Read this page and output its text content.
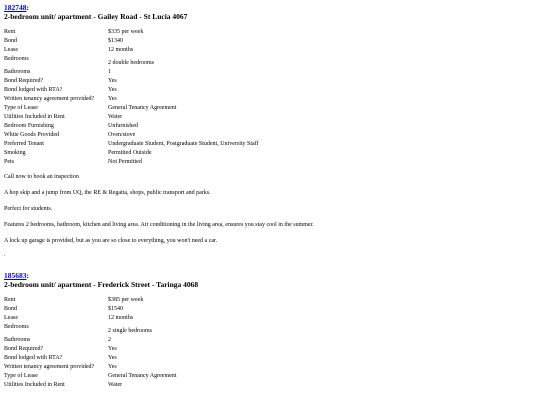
182748:
2-bedroom unit/ apartment - Gailey Road - St Lucia 4067
Rent	$335 per week
Bond	$1340
Lease	12 months
Bedrooms	2 double bedrooms
Bathrooms	1
Bond Required?	Yes
Bond lodged with RTA?	Yes
Written tenancy agreement provided?	Yes
Type of Lease	General Tenancy Agreement
Utilities Included in Rent	Water
Bedroom Furnishing	Unfurnished
White Goods Provided	Oven/stove
Preferred Tenant	Undergraduate Student, Postgraduate Student, University Staff
Smoking	Permitted Outside
Pets	Not Permitted

Call now to book an inspection

A hop skip and a jump from UQ, the RE & Regatta, shops, public transport and parks.

Perfect for students.

Features 2 bedrooms, bathroom, kitchen and living area. Air conditioning in the living area, ensures you stay cool in the summer.

A lock up garage is provided, but as you are so close to everything, you won't need a car.

.
185683:
2-bedroom unit/ apartment - Frederick Street - Taringa 4068
Rent	$385 per week
Bond	$1540
Lease	12 months
Bedrooms	2 single bedrooms
Bathrooms	2
Bond Required?	Yes
Bond lodged with RTA?	Yes
Written tenancy agreement provided?	Yes
Type of Lease	General Tenancy Agreement
Utilities Included in Rent	Water
